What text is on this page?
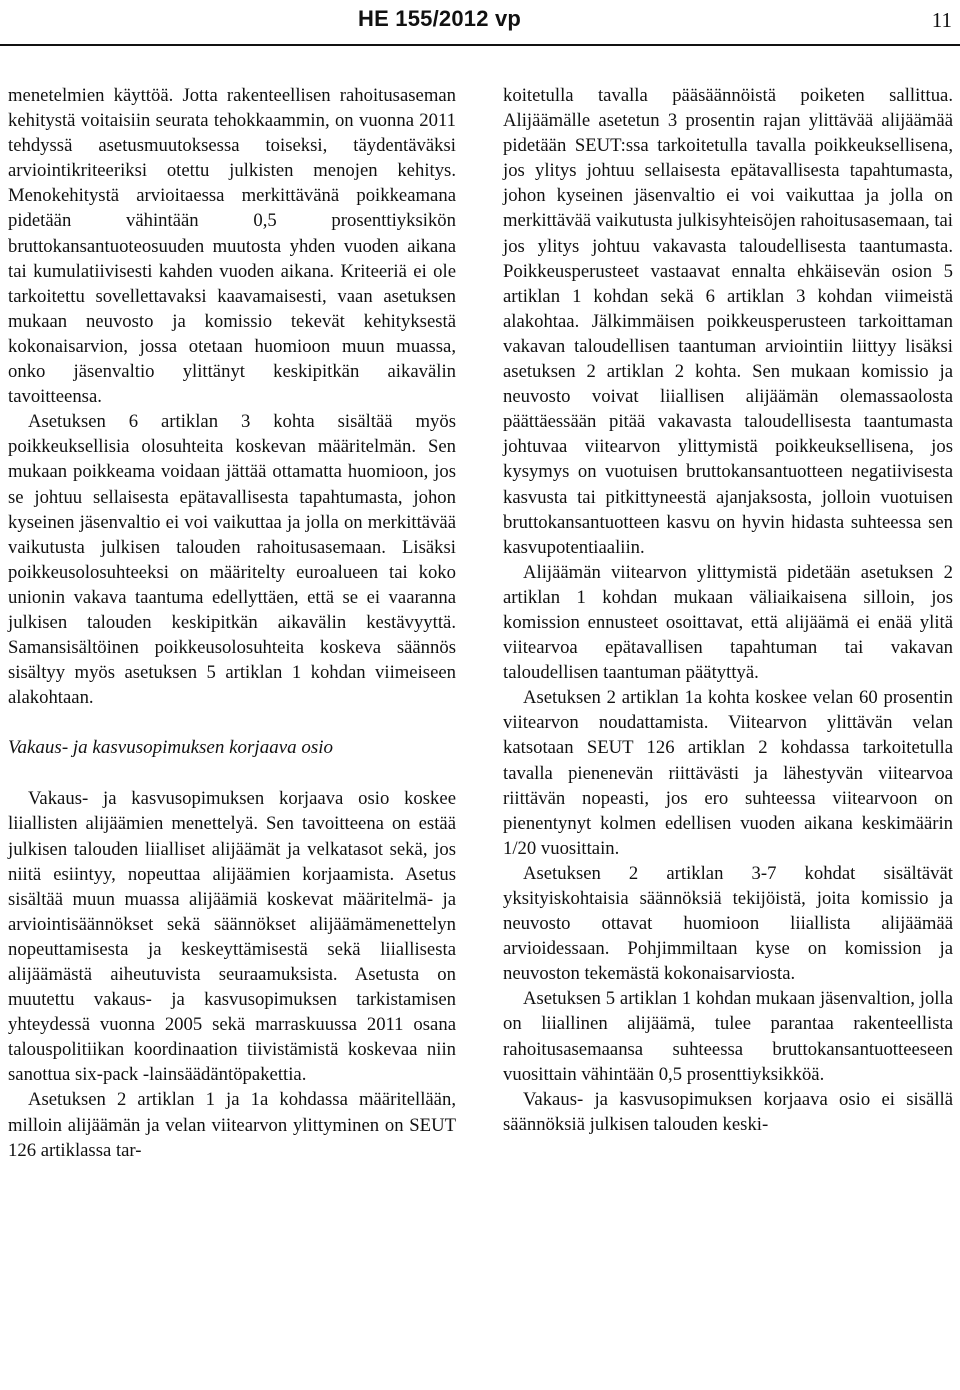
HE 155/2012 vp	11

menetelmien käyttöä. Jotta rakenteellisen rahoitusaseman kehitystä voitaisiin seurata tehokkaammin, on vuonna 2011 tehdyssä asetusmuutoksessa toiseksi, täydentäväksi arviointikriteeriksi otettu julkisten menojen kehitys. Menokehitystä arvioitaessa merkittävänä poikkeamana pidetään vähintään 0,5 prosenttiyksikön bruttokansantuoteosuuden muutosta yhden vuoden aikana tai kumulatiivisesti kahden vuoden aikana. Kriteeriä ei ole tarkoitettu sovellettavaksi kaavamaisesti, vaan asetuksen mukaan neuvosto ja komissio tekevät kehityksestä kokonaisarvion, jossa otetaan huomioon muun muassa, onko jäsenvaltio ylittänyt keskipitkän aikavälin tavoitteensa.

Asetuksen 6 artiklan 3 kohta sisältää myös poikkeuksellisia olosuhteita koskevan määritelmän. Sen mukaan poikkeama voidaan jättää ottamatta huomioon, jos se johtuu sellaisesta epätavallisesta tapahtumasta, johon kyseinen jäsenvaltio ei voi vaikuttaa ja jolla on merkittävää vaikutusta julkisen talouden rahoitusasemaan. Lisäksi poikkeusolosuhteeksi on määritelty euroalueen tai koko unionin vakava taantuma edellyttäen, että se ei vaaranna julkisen talouden keskipitkän aikavälin kestävyyttä. Samansisältöinen poikkeusolosuhteita koskeva säännös sisältyy myös asetuksen 5 artiklan 1 kohdan viimeiseen alakohtaan.

Vakaus- ja kasvusopimuksen korjaava osio

Vakaus- ja kasvusopimuksen korjaava osio koskee liiallisten alijäämien menettelyä. Sen tavoitteena on estää julkisen talouden liialliset alijäämät ja velkatasot sekä, jos niitä esiintyy, nopeuttaa alijäämien korjaamista. Asetus sisältää muun muassa alijäämiä koskevat määritelmä- ja arviointisäännökset sekä säännökset alijäämämenettelyn nopeuttamisesta ja keskeyttämisestä sekä liiallisesta alijäämästä aiheutuvista seuraamuksista. Asetusta on muutettu vakaus- ja kasvusopimuksen tarkistamisen yhteydessä vuonna 2005 sekä marraskuussa 2011 osana talouspolitiikan koordinaation tiivistämistä koskevaa niin sanottua six-pack -lainsäädäntöpakettia.

Asetuksen 2 artiklan 1 ja 1a kohdassa määritellään, milloin alijäämän ja velan viitearvon ylittyminen on SEUT 126 artiklassa tar-

koitetulla tavalla pääsäännöistä poiketen sallittua. Alijäämälle asetetun 3 prosentin rajan ylittävää alijäämää pidetään SEUT:ssa tarkoitetulla tavalla poikkeuksellisena, jos ylitys johtuu sellaisesta epätavallisesta tapahtumasta, johon kyseinen jäsenvaltio ei voi vaikuttaa ja jolla on merkittävää vaikutusta julkisyhteisöjen rahoitusasemaan, tai jos ylitys johtuu vakavasta taloudellisesta taantumasta. Poikkeusperusteet vastaavat ennalta ehkäisevän osion 5 artiklan 1 kohdan sekä 6 artiklan 3 kohdan viimeistä alakohtaa. Jälkimmäisen poikkeusperusteen tarkoittaman vakavan taloudellisen taantuman arviointiin liittyy lisäksi asetuksen 2 artiklan 2 kohta. Sen mukaan komissio ja neuvosto voivat liiallisen alijäämän olemassaolosta päättäessään pitää vakavasta taloudellisesta taantumasta johtuvaa viitearvon ylittymistä poikkeuksellisena, jos kysymys on vuotuisen bruttokansantuotteen negatiivisesta kasvusta tai pitkittyneestä ajanjaksosta, jolloin vuotuisen bruttokansantuotteen kasvu on hyvin hidasta suhteessa sen kasvupotentiaaliin.

Alijäämän viitearvon ylittymistä pidetään asetuksen 2 artiklan 1 kohdan mukaan väliaikaisena silloin, jos komission ennusteet osoittavat, että alijäämä ei enää ylitä viitearvoa epätavallisen tapahtuman tai vakavan taloudellisen taantuman päätyttyä.

Asetuksen 2 artiklan 1a kohta koskee velan 60 prosentin viitearvon noudattamista. Viitearvon ylittävän velan katsotaan SEUT 126 artiklan 2 kohdassa tarkoitetulla tavalla pienenevän riittävästi ja lähestyvän viitearvoa riittävän nopeasti, jos ero suhteessa viitearvoon on pienentynyt kolmen edellisen vuoden aikana keskimäärin 1/20 vuosittain.

Asetuksen 2 artiklan 3-7 kohdat sisältävät yksityiskohtaisia säännöksiä tekijöistä, joita komissio ja neuvosto ottavat huomioon liiallista alijäämää arvioidessaan. Pohjimmiltaan kyse on komission ja neuvoston tekemästä kokonaisarviosta.

Asetuksen 5 artiklan 1 kohdan mukaan jäsenvaltion, jolla on liiallinen alijäämä, tulee parantaa rakenteellista rahoitusasemaansa suhteessa bruttokansantuotteeseen vuosittain vähintään 0,5 prosenttiyksikköä.

Vakaus- ja kasvusopimuksen korjaava osio ei sisällä säännöksiä julkisen talouden keski-
